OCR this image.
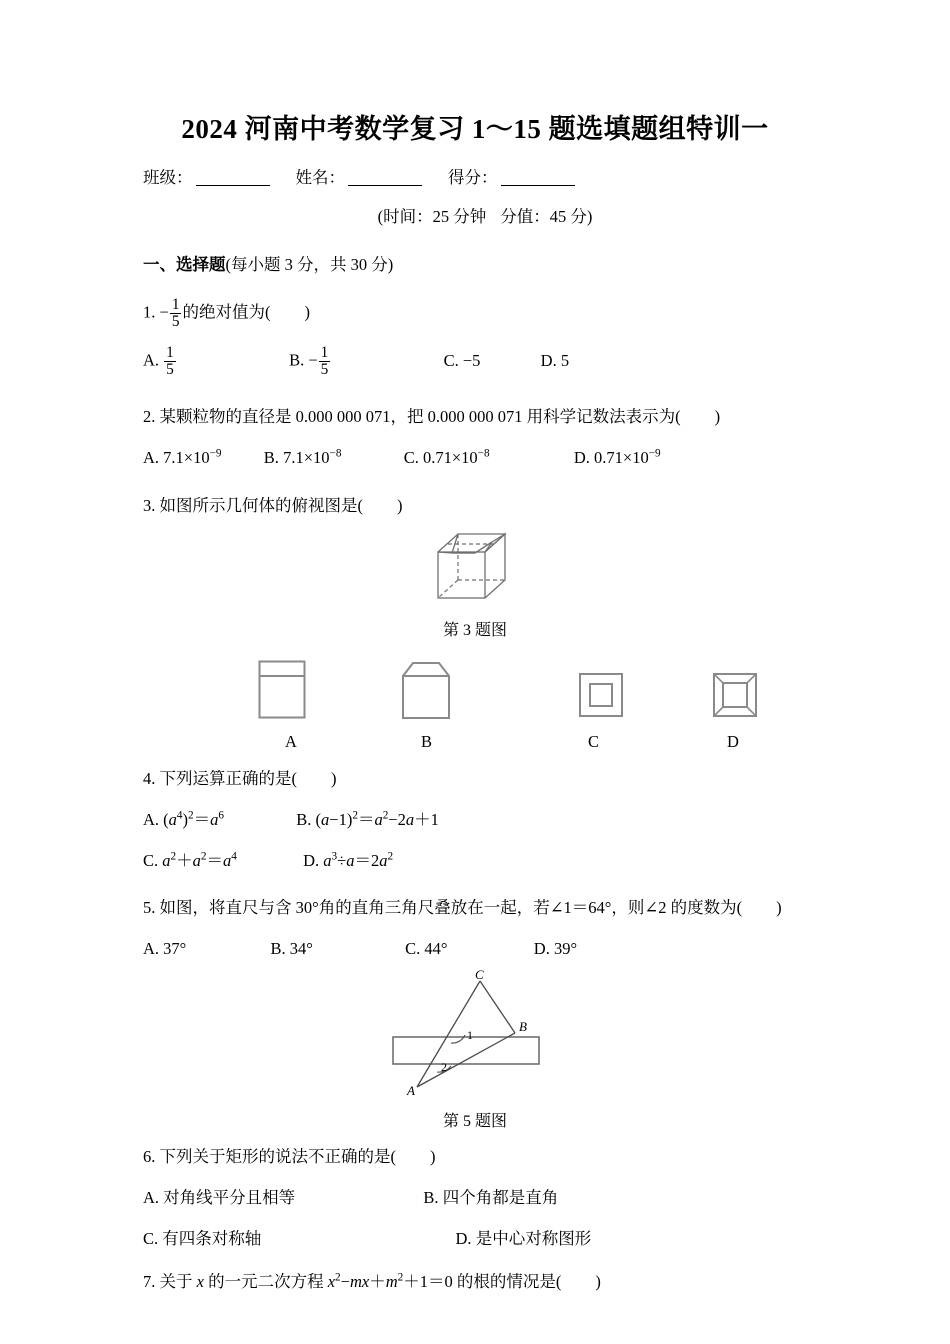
2024 河南中考数学复习 1～15 题选填题组特训一
班级：	姓名：	得分：
(时间：25 分钟 分值：45 分)
一、选择题(每小题 3 分，共 30 分)
1. − $\frac{1}{5}$ 的绝对值为( )
A. $\frac{1}{5}$	B. − $\frac{1}{5}$	C. −5	D. 5
2. 某颗粒物的直径是 0.000 000 071，把 0.000 000 071 用科学记数法表示为( )
A. $7.1\times 10^{-9}$	B. $7.1\times 10^{-8}$	C. $0.71\times 10^{-8}$	D. $0.71\times 10^{-9}$
3. 如图所示几何体的俯视图是( )
第 3 题图
A	B	C	D
4. 下列运算正确的是( )
A. $(a^4)^2=a^6$	B. $(a-1)^2=a^2-2a+1$
C. $a^2+a^2=a^4$	D. $a^3\div a=2a^2$
5. 如图，将直尺与含 30°角的直角三角尺叠放在一起，若∠1＝64°，则∠2 的度数为( )
A. 37°	B. 34°	C. 44°	D. 39°
C
B
A
1
2
第 5 题图
6. 下列关于矩形的说法不正确的是( )
A. 对角线平分且相等	B. 四个角都是直角
C. 有四条对称轴	D. 是中心对称图形
7. 关于 x 的一元二次方程 $x^2-mx+m^2+1=0$ 的根的情况是( )
